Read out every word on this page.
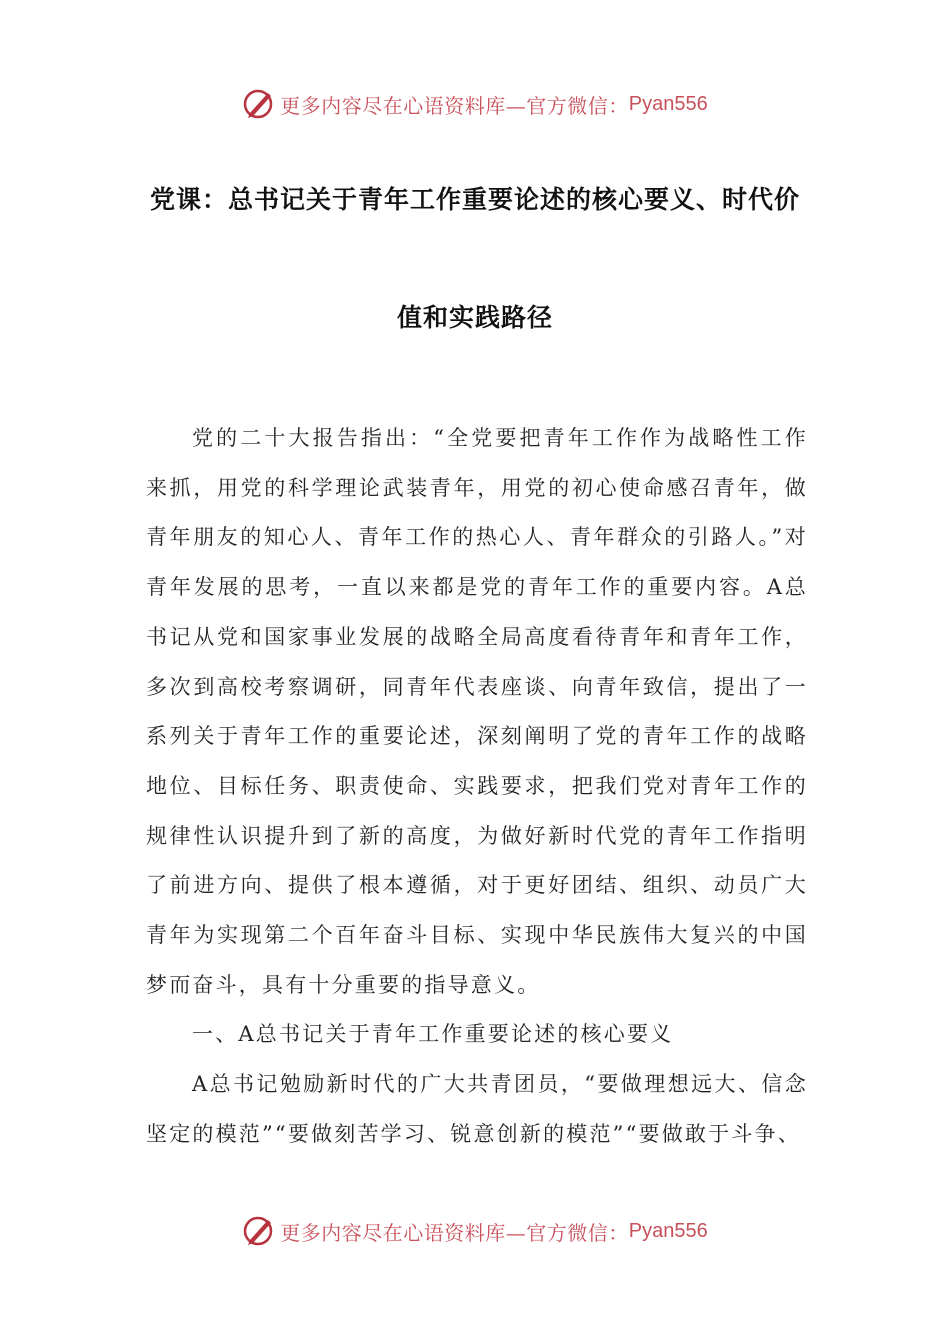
更多内容尽在心语资料库—官方微信： Pyan556
党课：总书记关于青年工作重要论述的核心要义、时代价
值和实践路径

党的二十大报告指出：“全党要把青年工作作为战略性工作来抓，用党的科学理论武装青年，用党的初心使命感召青年，做青年朋友的知心人、青年工作的热心人、青年群众的引路人。”对青年发展的思考，一直以来都是党的青年工作的重要内容。A总书记从党和国家事业发展的战略全局高度看待青年和青年工作，多次到高校考察调研，同青年代表座谈、向青年致信，提出了一系列关于青年工作的重要论述，深刻阐明了党的青年工作的战略地位、目标任务、职责使命、实践要求，把我们党对青年工作的规律性认识提升到了新的高度，为做好新时代党的青年工作指明了前进方向、提供了根本遵循，对于更好团结、组织、动员广大青年为实现第二个百年奋斗目标、实现中华民族伟大复兴的中国梦而奋斗，具有十分重要的指导意义。

一、A总书记关于青年工作重要论述的核心要义

A总书记勉励新时代的广大共青团员，“要做理想远大、信念坚定的模范”“要做刻苦学习、锐意创新的模范”“要做敢于斗争、

更多内容尽在心语资料库—官方微信： Pyan556
